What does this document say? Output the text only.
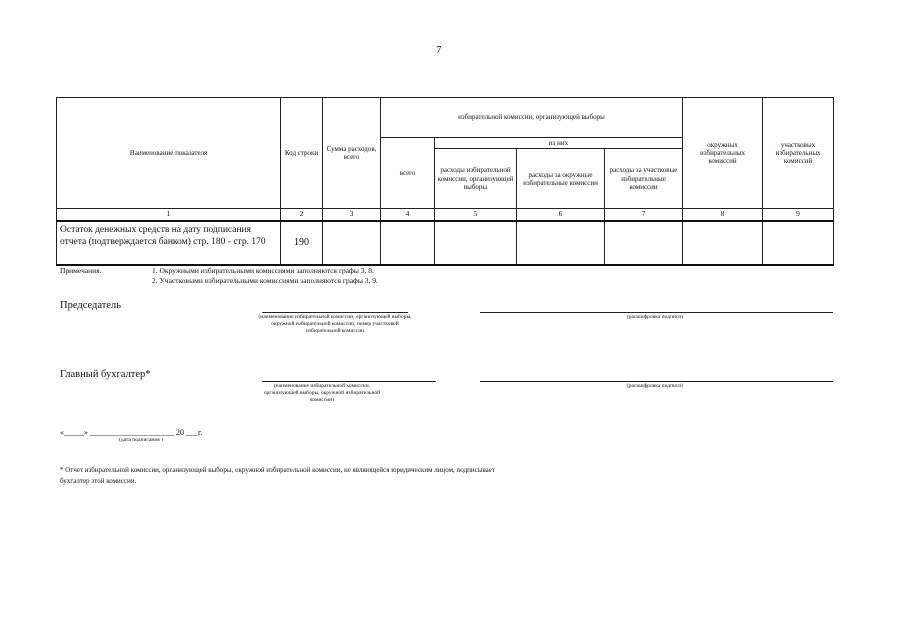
7
Наименование показателя	Код строки	Сумма расходов, всего	избирательной комиссии, организующей выборы				окружных избирательных комиссий	участковых избирательных комиссий
			всего	из них				
				расходы избирательной комиссии, организующей выборы	расходы за окружные избирательные комиссии	расходы за участковые избирательные комиссии		
1	2	3	4	5	6	7	8	9
Остаток денежных средств на дату подписания отчета (подтверждается банком) стр. 180 - стр. 170	190							
Примечания.	1. Окружными избирательными комиссиями заполняются графы 3, 8.
2. Участковыми избирательными комиссиями заполняются графы 3, 9.
Председатель
(наименование избирательной комиссии, организующей выборы, окружной избирательной комиссии, номер участковой избирательной комиссии
(расшифровка подписи)
Главный бухгалтер*
(наименование избирательной комиссии, организующей выборы, окружной избирательной комиссии)
(расшифровка подписи)
«_____» _____________________ 20 ___г.
(дата подписания )
* Отчет избирательной комиссии, организующей выборы, окружной избирательной комиссии, не являющейся юридическим лицом, подписывает бухгалтер этой комиссии.
